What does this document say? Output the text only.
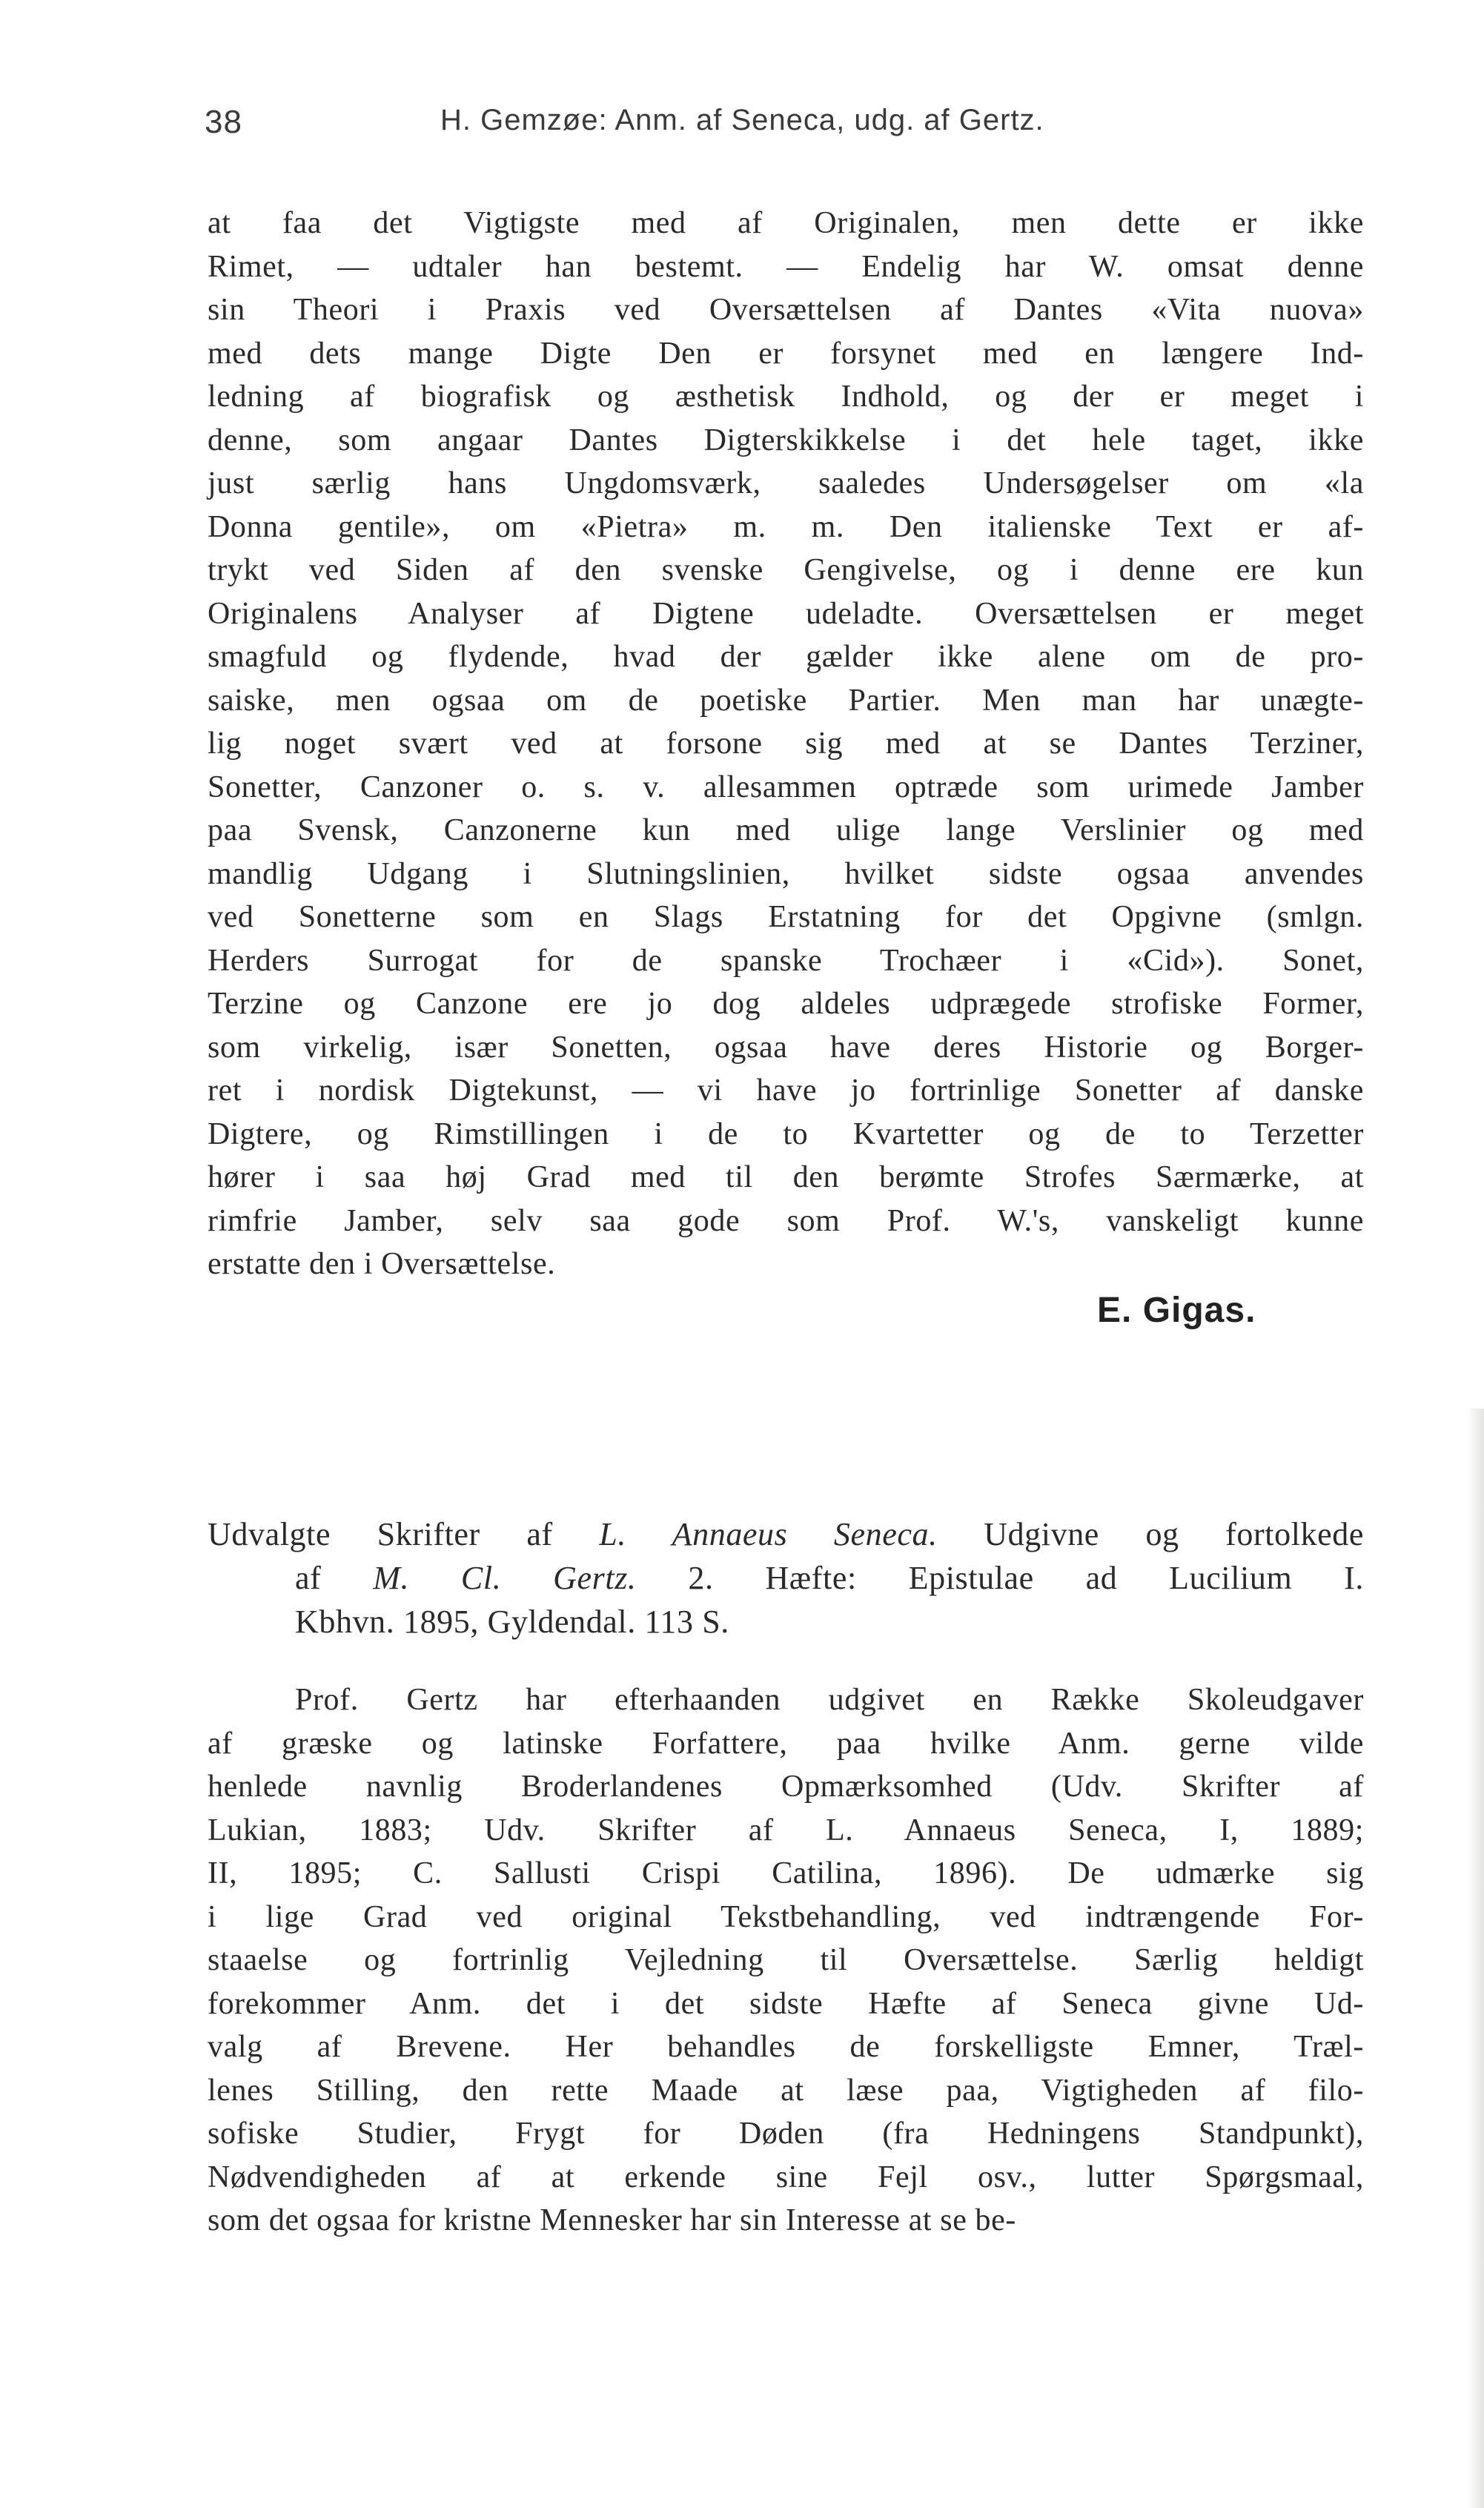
38	H. Gemzøe: Anm. af Seneca, udg. af Gertz.
at faa det Vigtigste med af Originalen, men dette er ikke
Rimet, — udtaler han bestemt. — Endelig har W. omsat denne
sin Theori i Praxis ved Oversættelsen af Dantes «Vita nuova»
med dets mange Digte Den er forsynet med en længere Ind-
ledning af biografisk og æsthetisk Indhold, og der er meget i
denne, som angaar Dantes Digterskikkelse i det hele taget, ikke
just særlig hans Ungdomsværk, saaledes Undersøgelser om «la
Donna gentile», om «Pietra» m. m. Den italienske Text er af-
trykt ved Siden af den svenske Gengivelse, og i denne ere kun
Originalens Analyser af Digtene udeladte. Oversættelsen er meget
smagfuld og flydende, hvad der gælder ikke alene om de pro-
saiske, men ogsaa om de poetiske Partier. Men man har unægte-
lig noget svært ved at forsone sig med at se Dantes Terziner,
Sonetter, Canzoner o. s. v. allesammen optræde som urimede Jamber
paa Svensk, Canzonerne kun med ulige lange Verslinier og med
mandlig Udgang i Slutningslinien, hvilket sidste ogsaa anvendes
ved Sonetterne som en Slags Erstatning for det Opgivne (smlgn.
Herders Surrogat for de spanske Trochæer i «Cid»). Sonet,
Terzine og Canzone ere jo dog aldeles udprægede strofiske Former,
som virkelig, især Sonetten, ogsaa have deres Historie og Borger-
ret i nordisk Digtekunst, — vi have jo fortrinlige Sonetter af danske
Digtere, og Rimstillingen i de to Kvartetter og de to Terzetter
hører i saa høj Grad med til den berømte Strofes Særmærke, at
rimfrie Jamber, selv saa gode som Prof. W.'s, vanskeligt kunne
erstatte den i Oversættelse.
E. Gigas.
Udvalgte Skrifter af L. Annaeus Seneca. Udgivne og fortolkede
af M. Cl. Gertz. 2. Hæfte: Epistulae ad Lucilium I.
Kbhvn. 1895, Gyldendal. 113 S.
Prof. Gertz har efterhaanden udgivet en Række Skoleudgaver
af græske og latinske Forfattere, paa hvilke Anm. gerne vilde
henlede navnlig Broderlandenes Opmærksomhed (Udv. Skrifter af
Lukian, 1883; Udv. Skrifter af L. Annaeus Seneca, I, 1889;
II, 1895; C. Sallusti Crispi Catilina, 1896). De udmærke sig
i lige Grad ved original Tekstbehandling, ved indtrængende For-
staaelse og fortrinlig Vejledning til Oversættelse. Særlig heldigt
forekommer Anm. det i det sidste Hæfte af Seneca givne Ud-
valg af Brevene. Her behandles de forskelligste Emner, Træl-
lenes Stilling, den rette Maade at læse paa, Vigtigheden af filo-
sofiske Studier, Frygt for Døden (fra Hedningens Standpunkt),
Nødvendigheden af at erkende sine Fejl osv., lutter Spørgsmaal,
som det ogsaa for kristne Mennesker har sin Interesse at se be-
